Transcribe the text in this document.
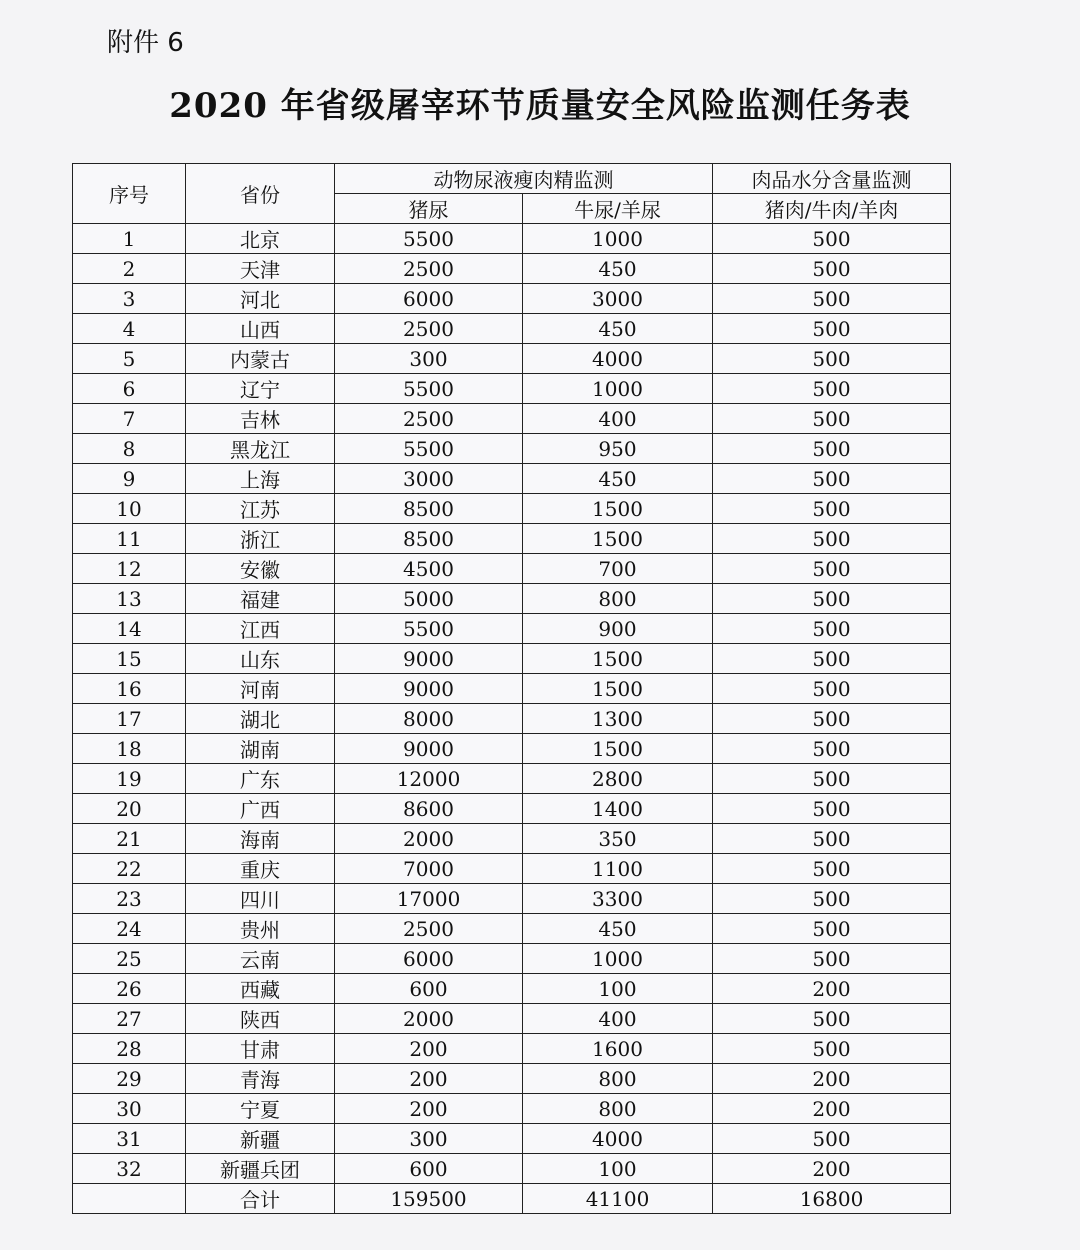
附件 6
2020 年省级屠宰环节质量安全风险监测任务表
序号	省份	动物尿液瘦肉精监测		肉品水分含量监测
		猪尿	牛尿/羊尿	猪肉/牛肉/羊肉
1	北京	5500	1000	500
2	天津	2500	450	500
3	河北	6000	3000	500
4	山西	2500	450	500
5	内蒙古	300	4000	500
6	辽宁	5500	1000	500
7	吉林	2500	400	500
8	黑龙江	5500	950	500
9	上海	3000	450	500
10	江苏	8500	1500	500
11	浙江	8500	1500	500
12	安徽	4500	700	500
13	福建	5000	800	500
14	江西	5500	900	500
15	山东	9000	1500	500
16	河南	9000	1500	500
17	湖北	8000	1300	500
18	湖南	9000	1500	500
19	广东	12000	2800	500
20	广西	8600	1400	500
21	海南	2000	350	500
22	重庆	7000	1100	500
23	四川	17000	3300	500
24	贵州	2500	450	500
25	云南	6000	1000	500
26	西藏	600	100	200
27	陕西	2000	400	500
28	甘肃	200	1600	500
29	青海	200	800	200
30	宁夏	200	800	200
31	新疆	300	4000	500
32	新疆兵团	600	100	200
	合计	159500	41100	16800
